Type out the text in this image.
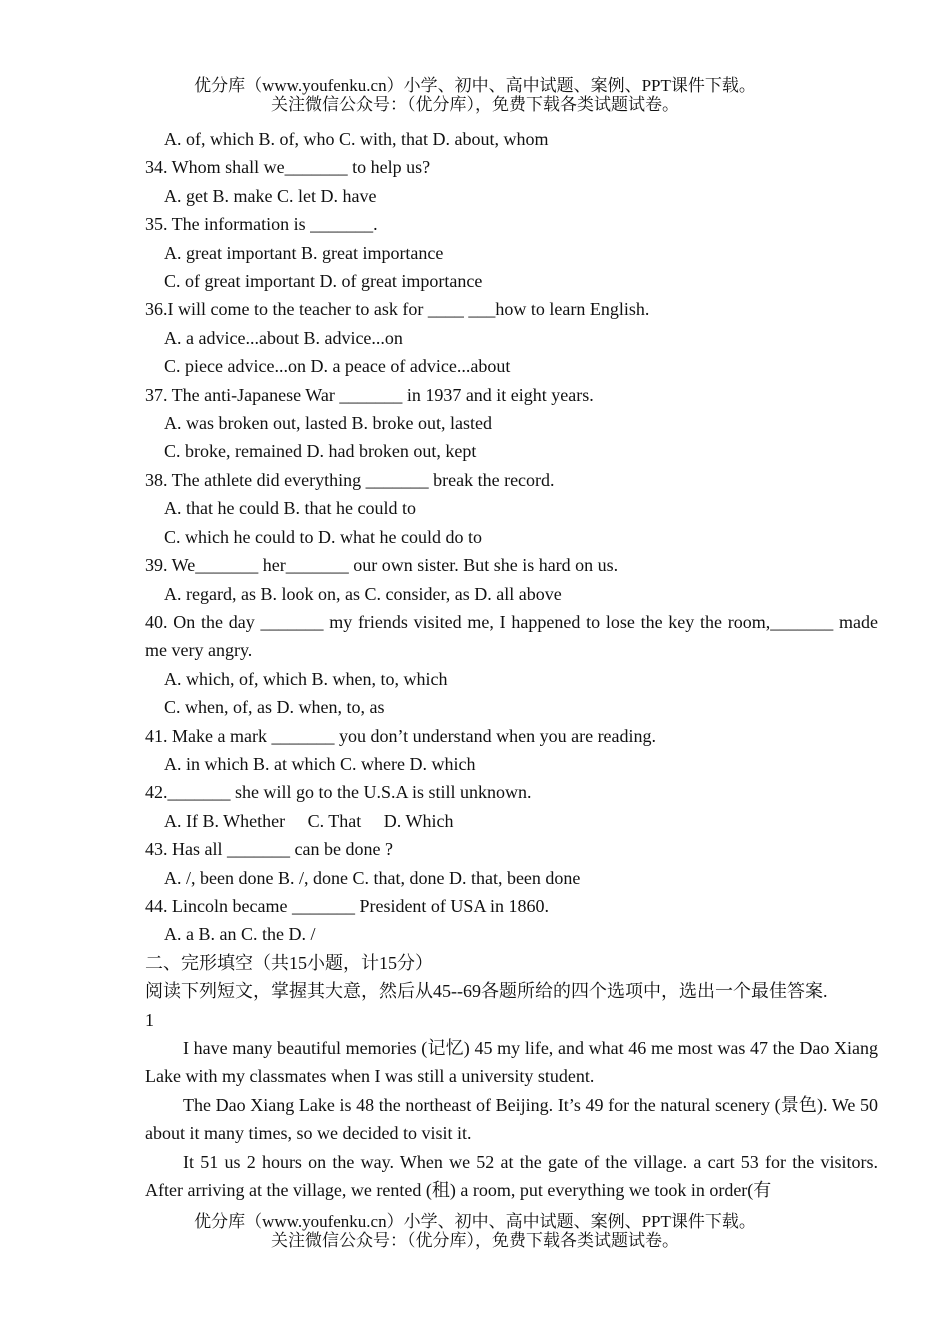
优分库（www.youfenku.cn）小学、初中、高中试题、案例、PPT课件下载。
关注微信公众号：（优分库），免费下载各类试题试卷。
A. of, which B. of, who C. with, that D. about, whom
34. Whom shall we_______ to help us?
A. get B. make C. let D. have
35. The information is _______.
A. great important B. great importance
C. of great important D. of great importance
36.I will come to the teacher to ask for ____ ___how to learn English.
A. a advice...about B. advice...on
C. piece advice...on D. a peace of advice...about
37. The anti-Japanese War _______ in 1937 and it eight years.
A. was broken out, lasted B. broke out, lasted
C. broke, remained D. had broken out, kept
38. The athlete did everything _______ break the record.
A. that he could B. that he could to
C. which he could to D. what he could do to
39. We_______ her_______ our own sister. But she is hard on us.
A. regard, as B. look on, as C. consider, as D. all above
40. On the day _______ my friends visited me, I happened to lose the key the room,_______ made me very angry.
A. which, of, which B. when, to, which
C. when, of, as D. when, to, as
41. Make a mark _______ you don’t understand when you are reading.
A. in which B. at which C. where D. which
42._______ she will go to the U.S.A is still unknown.
A. If B. Whether     C. That     D. Which
43. Has all _______ can be done ?
A. /, been done B. /, done C. that, done D. that, been done
44. Lincoln became _______ President of USA in 1860.
A. a B. an C. the D. /
二、完形填空（共15小题，计15分）
阅读下列短文，掌握其大意，然后从45--69各题所给的四个选项中，选出一个最佳答案.
1
I have many beautiful memories (记忆) 45 my life, and what 46 me most was 47 the Dao Xiang Lake with my classmates when I was still a university student.
The Dao Xiang Lake is 48 the northeast of Beijing. It’s 49 for the natural scenery (景色). We 50 about it many times, so we decided to visit it.
It 51 us 2 hours on the way. When we 52 at the gate of the village. a cart 53 for the visitors. After arriving at the village, we rented (租) a room, put everything we took in order(有
优分库（www.youfenku.cn）小学、初中、高中试题、案例、PPT课件下载。
关注微信公众号：（优分库），免费下载各类试题试卷。
